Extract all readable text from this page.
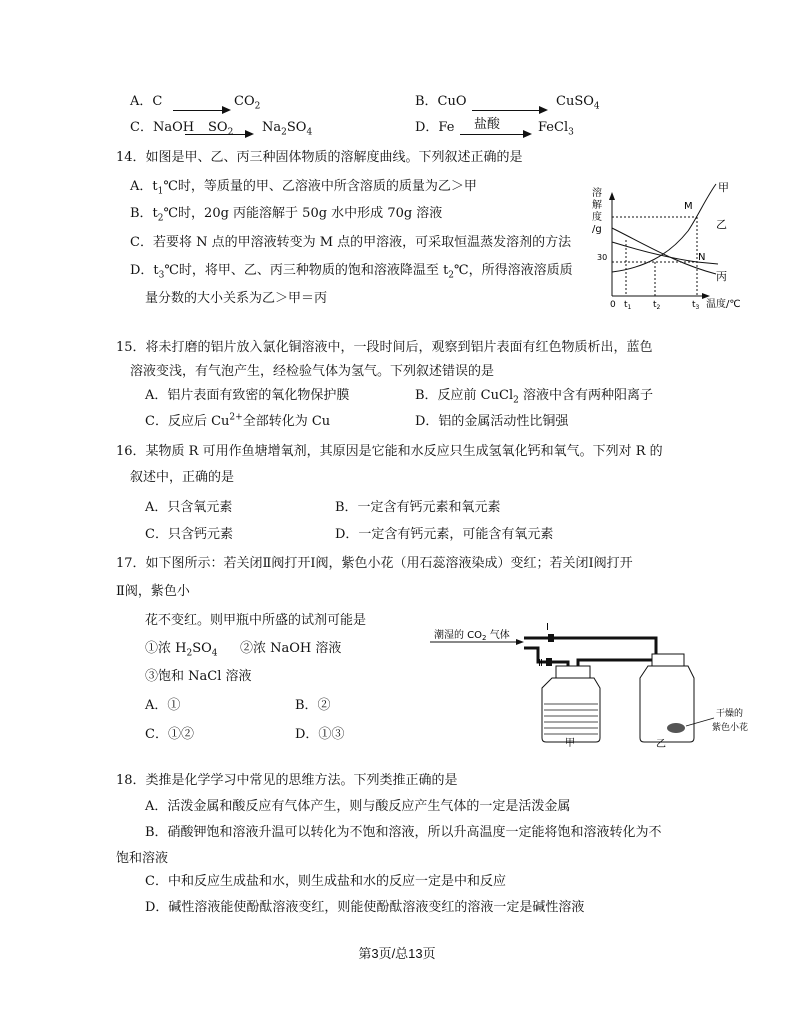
A．C	$CO_2$	B．CuO	CuSO$_4$
C．NaOH $SO_2$ $Na_2SO_4$	D．Fe 盐酸	FeCl$_3$
14．如图是甲、乙、丙三种固体物质的溶解度曲线。下列叙述正确的是
A．$t_1℃$时，等质量的甲、乙溶液中所含溶质的质量为乙＞甲
B．$t_2℃$时，20g 丙能溶解于 50g 水中形成 70g 溶液
C．若要将 N 点的甲溶液转变为 M 点的甲溶液，可采取恒温蒸发溶剂的方法
D．$t_3℃$时，将甲、乙、丙三种物质的饱和溶液降温至 $t_2℃$，所得溶液溶质质
量分数的大小关系为乙＞甲＝丙
溶
解
度
/g
30
甲
乙
丙
M
N
0 $t_1$ $t_2$	$t_3$ 温度/℃
15．将未打磨的铝片放入氯化铜溶液中，一段时间后，观察到铝片表面有红色物质析出，蓝色
溶液变浅，有气泡产生，经检验气体为氢气。下列叙述错误的是
A．铝片表面有致密的氧化物保护膜	B．反应前 CuCl$_2$ 溶液中含有两种阳离子
C．反应后 $Cu^{2+}$全部转化为 Cu	D．铝的金属活动性比铜强
16．某物质 R 可用作鱼塘增氧剂，其原因是它能和水反应只生成氢氧化钙和氧气。下列对 R 的
叙述中，正确的是
A．只含氧元素	B．一定含有钙元素和氧元素
C．只含钙元素	D．一定含有钙元素，可能含有氧元素
17．如下图所示：若关闭Ⅱ阀打开Ⅰ阀，紫色小花（用石蕊溶液染成）变红；若关闭Ⅰ阀打开
Ⅱ阀，紫色小
花不变红。则甲瓶中所盛的试剂可能是
①浓 $H_2SO_4$ ②浓 NaOH 溶液
③饱和 NaCl 溶液
A．①	B．②
C．①②	D．①③
潮湿的 $CO_2$ 气体
Ⅰ
Ⅱ
甲	乙
干燥的
紫色小花
18．类推是化学学习中常见的思维方法。下列类推正确的是
A．活泼金属和酸反应有气体产生，则与酸反应产生气体的一定是活泼金属
B．硝酸钾饱和溶液升温可以转化为不饱和溶液，所以升高温度一定能将饱和溶液转化为不
饱和溶液
C．中和反应生成盐和水，则生成盐和水的反应一定是中和反应
D．碱性溶液能使酚酞溶液变红，则能使酚酞溶液变红的溶液一定是碱性溶液
第3页/总13页
